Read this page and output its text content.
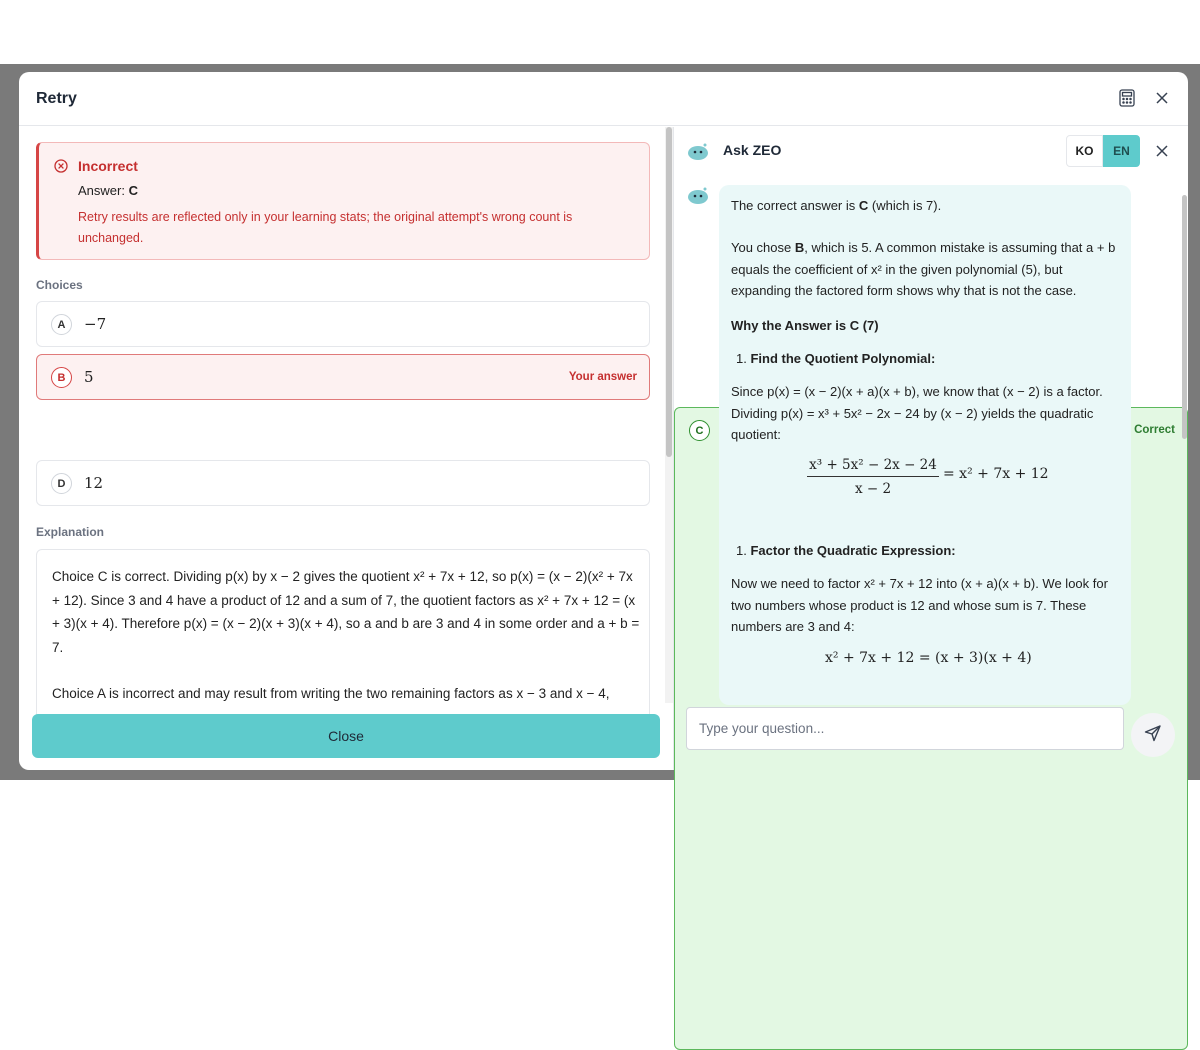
Retry
Incorrect
Answer: C
Retry results are reflected only in your learning stats; the original attempt's wrong count is unchanged.
Choices
A	−7
B	5	Your answer
C	Correct
D	12
Explanation

Choice C is correct. Dividing p(x) by x − 2 gives the quotient x² + 7x + 12, so p(x) = (x − 2)(x² + 7x + 12). Since 3 and 4 have a product of 12 and a sum of 7, the quotient factors as x² + 7x + 12 = (x + 3)(x + 4). Therefore p(x) = (x − 2)(x + 3)(x + 4), so a and b are 3 and 4 in some order and a + b = 7.

Choice A is incorrect and may result from writing the two remaining factors as x − 3 and x − 4,

Close
Ask ZEO	KO	EN
The correct answer is C (which is 7).
You chose B, which is 5. A common mistake is assuming that a + b equals the coefficient of x² in the given polynomial (5), but expanding the factored form shows why that is not the case.
Why the Answer is C (7)
1. Find the Quotient Polynomial:
Since p(x) = (x − 2)(x + a)(x + b), we know that (x − 2) is a factor. Dividing p(x) = x³ + 5x² − 2x − 24 by (x − 2) yields the quadratic quotient:
$\frac{\text{x³ + 5x² − 2x − 24}}{x - 2} = x^2 + 7x + 12$
1. Factor the Quadratic Expression:
Now we need to factor x² + 7x + 12 into (x + a)(x + b). We look for two numbers whose product is 12 and whose sum is 7. These numbers are 3 and 4:
x² + 7x + 12 = (x + 3)(x + 4)
Type your question...
